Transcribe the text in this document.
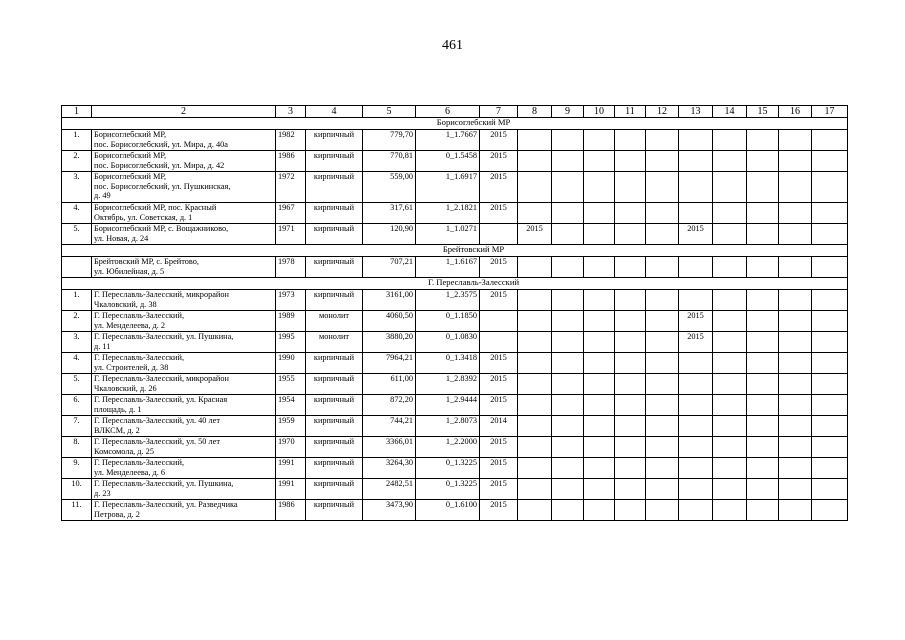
461
1	2	3	4	5	6	7	8	9	10	11	12	13	14	15	16	17
Борисоглебский МР																
1.	Борисоглебский МР,
пос. Борисоглебский, ул. Мира, д. 40а	1982	кирпичный	779,70	1_1.7667	2015										
2.	Борисоглебский МР,
пос. Борисоглебский, ул. Мира, д. 42	1986	кирпичный	770,81	0_1.5458	2015										
3.	Борисоглебский МР,
пос. Борисоглебский, ул. Пушкинская,
д. 49	1972	кирпичный	559,00	1_1.6917	2015										
4.	Борисоглебский МР, пос. Красный
Октябрь, ул. Советская, д. 1	1967	кирпичный	317,61	1_2.1821	2015										
5.	Борисоглебский МР, с. Вощажниково,
ул. Новая, д. 24	1971	кирпичный	120,90	1_1.0271		2015					2015				
Брейтовский МР																
	Брейтовский МР, с. Брейтово,
ул. Юбилейная, д. 5	1978	кирпичный	707,21	1_1.6167	2015										
Г. Переславль-Залесский																
1.	Г. Переславль-Залесский, микрорайон
Чкаловский, д. 38	1973	кирпичный	3161,00	1_2.3575	2015										
2.	Г. Переславль-Залесский,
ул. Менделеева, д. 2	1989	монолит	4060,50	0_1.1850							2015				
3.	Г. Переславль-Залесский, ул. Пушкина,
д. 11	1995	монолит	3880,20	0_1.0830							2015				
4.	Г. Переславль-Залесский,
ул. Строителей, д. 38	1990	кирпичный	7964,21	0_1.3418	2015										
5.	Г. Переславль-Залесский, микрорайон
Чкаловский, д. 26	1955	кирпичный	611,00	1_2.8392	2015										
6.	Г. Переславль-Залесский, ул. Красная
площадь, д. 1	1954	кирпичный	872,20	1_2.9444	2015										
7.	Г. Переславль-Залесский, ул. 40 лет
ВЛКСМ, д. 2	1959	кирпичный	744,21	1_2.8073	2014										
8.	Г. Переславль-Залесский, ул. 50 лет
Комсомола, д. 25	1970	кирпичный	3366,01	1_2.2000	2015										
9.	Г. Переславль-Залесский,
ул. Менделеева, д. 6	1991	кирпичный	3264,30	0_1.3225	2015										
10.	Г. Переславль-Залесский, ул. Пушкина,
д. 23	1991	кирпичный	2482,51	0_1.3225	2015										
11.	Г. Переславль-Залесский, ул. Разведчика
Петрова, д. 2	1986	кирпичный	3473,90	0_1.6100	2015										
